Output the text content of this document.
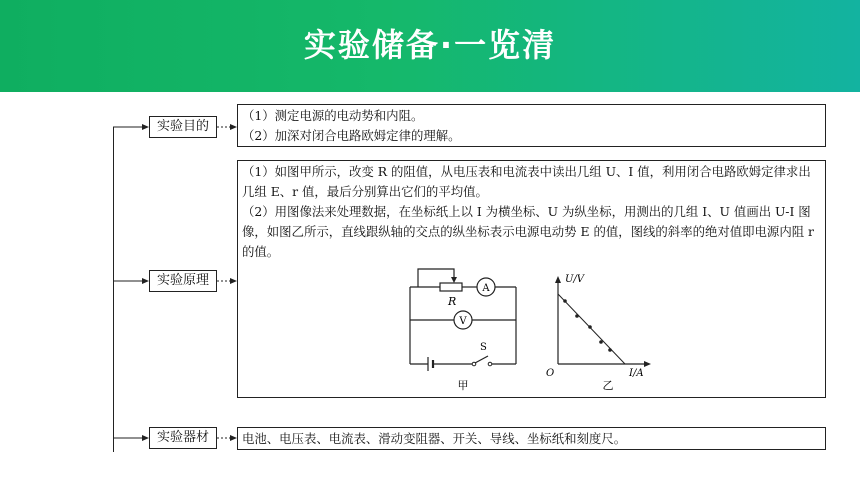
实验储备·一览清
实验目的

（1）测定电源的电动势和内阻。

（2）加深对闭合电路欧姆定律的理解。

实验原理

（1）如图甲所示，改变 R 的阻值，从电压表和电流表中读出几组 U、I 值，利用闭合电路欧姆定律求出几组 E、r 值，最后分别算出它们的平均值。

（2）用图像法来处理数据，在坐标纸上以 I 为横坐标、U 为纵坐标，用测出的几组 I、U 值画出 U-I 图像，如图乙所示，直线跟纵轴的交点的纵坐标表示电源电动势 E 的值，图线的斜率的绝对值即电源内阻 r 的值。

R
A
V
S
甲
U/V
I/A
O
乙
实验器材	电池、电压表、电流表、滑动变阻器、开关、导线、坐标纸和刻度尺。
